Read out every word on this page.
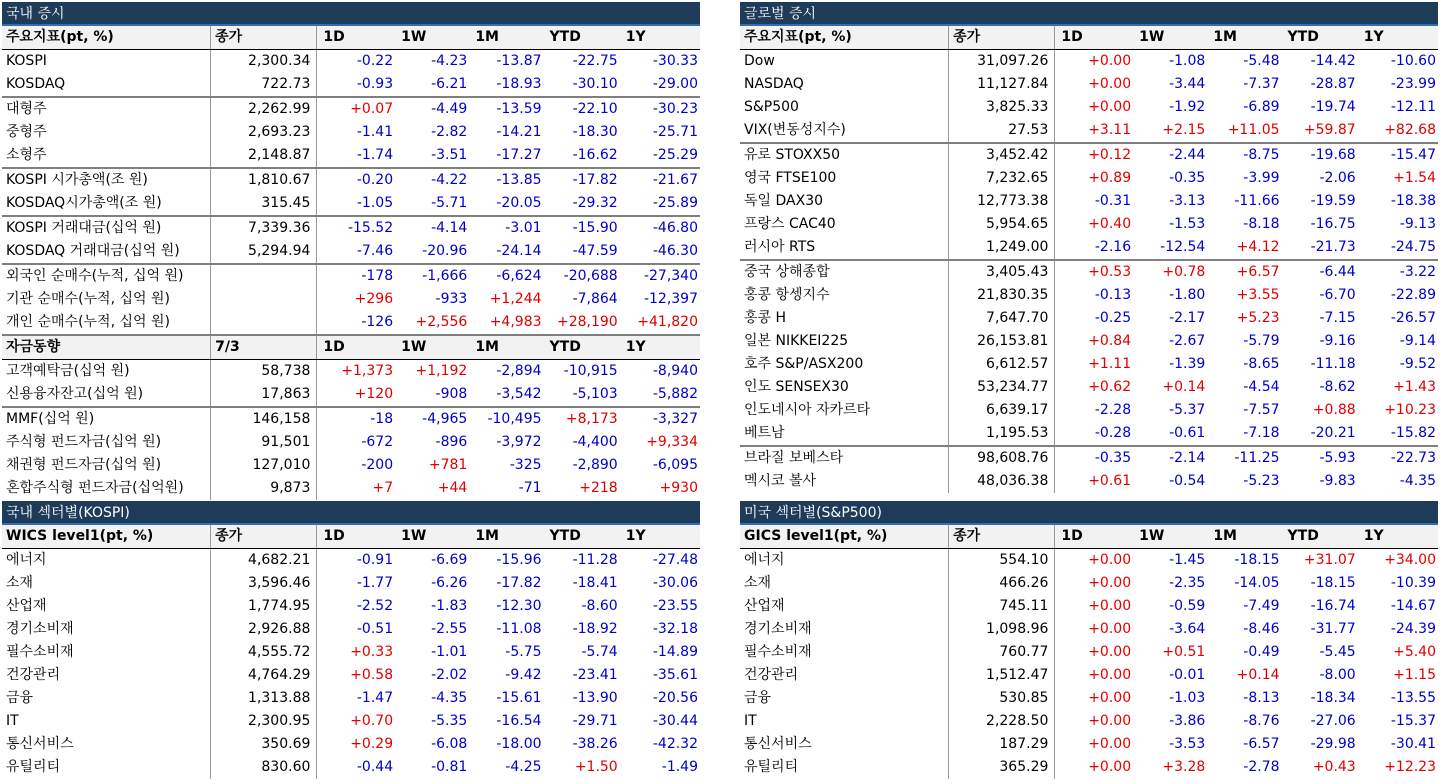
국내 증시
주요지표(pt, %)	종가	1D	1W	1M	YTD	1Y
KOSPI	2,300.34	-0.22	-4.23	-13.87	-22.75	-30.33
KOSDAQ	722.73	-0.93	-6.21	-18.93	-30.10	-29.00
대형주	2,262.99	+0.07	-4.49	-13.59	-22.10	-30.23
중형주	2,693.23	-1.41	-2.82	-14.21	-18.30	-25.71
소형주	2,148.87	-1.74	-3.51	-17.27	-16.62	-25.29
KOSPI 시가총액(조 원)	1,810.67	-0.20	-4.22	-13.85	-17.82	-21.67
KOSDAQ시가총액(조 원)	315.45	-1.05	-5.71	-20.05	-29.32	-25.89
KOSPI 거래대금(십억 원)	7,339.36	-15.52	-4.14	-3.01	-15.90	-46.80
KOSDAQ 거래대금(십억 원)	5,294.94	-7.46	-20.96	-24.14	-47.59	-46.30
외국인 순매수(누적, 십억 원)		-178	-1,666	-6,624	-20,688	-27,340
기관 순매수(누적, 십억 원)		+296	-933	+1,244	-7,864	-12,397
개인 순매수(누적, 십억 원)		-126	+2,556	+4,983	+28,190	+41,820
자금동향	7/3	1D	1W	1M	YTD	1Y
고객예탁금(십억 원)	58,738	+1,373	+1,192	-2,894	-10,915	-8,940
신용융자잔고(십억 원)	17,863	+120	-908	-3,542	-5,103	-5,882
MMF(십억 원)	146,158	-18	-4,965	-10,495	+8,173	-3,327
주식형 펀드자금(십억 원)	91,501	-672	-896	-3,972	-4,400	+9,334
채권형 펀드자금(십억 원)	127,010	-200	+781	-325	-2,890	-6,095
혼합주식형 펀드자금(십억원)	9,873	+7	+44	-71	+218	+930
글로벌 증시
주요지표(pt, %)	종가	1D	1W	1M	YTD	1Y
Dow	31,097.26	+0.00	-1.08	-5.48	-14.42	-10.60
NASDAQ	11,127.84	+0.00	-3.44	-7.37	-28.87	-23.99
S&P500	3,825.33	+0.00	-1.92	-6.89	-19.74	-12.11
VIX(변동성지수)	27.53	+3.11	+2.15	+11.05	+59.87	+82.68
유로 STOXX50	3,452.42	+0.12	-2.44	-8.75	-19.68	-15.47
영국 FTSE100	7,232.65	+0.89	-0.35	-3.99	-2.06	+1.54
독일 DAX30	12,773.38	-0.31	-3.13	-11.66	-19.59	-18.38
프랑스 CAC40	5,954.65	+0.40	-1.53	-8.18	-16.75	-9.13
러시아 RTS	1,249.00	-2.16	-12.54	+4.12	-21.73	-24.75
중국 상해종합	3,405.43	+0.53	+0.78	+6.57	-6.44	-3.22
홍콩 항셍지수	21,830.35	-0.13	-1.80	+3.55	-6.70	-22.89
홍콩 H	7,647.70	-0.25	-2.17	+5.23	-7.15	-26.57
일본 NIKKEI225	26,153.81	+0.84	-2.67	-5.79	-9.16	-9.14
호주 S&P/ASX200	6,612.57	+1.11	-1.39	-8.65	-11.18	-9.52
인도 SENSEX30	53,234.77	+0.62	+0.14	-4.54	-8.62	+1.43
인도네시아 자카르타	6,639.17	-2.28	-5.37	-7.57	+0.88	+10.23
베트남	1,195.53	-0.28	-0.61	-7.18	-20.21	-15.82
브라질 보베스타	98,608.76	-0.35	-2.14	-11.25	-5.93	-22.73
멕시코 볼사	48,036.38	+0.61	-0.54	-5.23	-9.83	-4.35
국내 섹터별(KOSPI)
WICS level1(pt, %)	종가	1D	1W	1M	YTD	1Y
에너지	4,682.21	-0.91	-6.69	-15.96	-11.28	-27.48
소재	3,596.46	-1.77	-6.26	-17.82	-18.41	-30.06
산업재	1,774.95	-2.52	-1.83	-12.30	-8.60	-23.55
경기소비재	2,926.88	-0.51	-2.55	-11.08	-18.92	-32.18
필수소비재	4,555.72	+0.33	-1.01	-5.75	-5.74	-14.89
건강관리	4,764.29	+0.58	-2.02	-9.42	-23.41	-35.61
금융	1,313.88	-1.47	-4.35	-15.61	-13.90	-20.56
IT	2,300.95	+0.70	-5.35	-16.54	-29.71	-30.44
통신서비스	350.69	+0.29	-6.08	-18.00	-38.26	-42.32
유틸리티	830.60	-0.44	-0.81	-4.25	+1.50	-1.49
미국 섹터별(S&P500)
GICS level1(pt, %)	종가	1D	1W	1M	YTD	1Y
에너지	554.10	+0.00	-1.45	-18.15	+31.07	+34.00
소재	466.26	+0.00	-2.35	-14.05	-18.15	-10.39
산업재	745.11	+0.00	-0.59	-7.49	-16.74	-14.67
경기소비재	1,098.96	+0.00	-3.64	-8.46	-31.77	-24.39
필수소비재	760.77	+0.00	+0.51	-0.49	-5.45	+5.40
건강관리	1,512.47	+0.00	-0.01	+0.14	-8.00	+1.15
금융	530.85	+0.00	-1.03	-8.13	-18.34	-13.55
IT	2,228.50	+0.00	-3.86	-8.76	-27.06	-15.37
통신서비스	187.29	+0.00	-3.53	-6.57	-29.98	-30.41
유틸리티	365.29	+0.00	+3.28	-2.78	+0.43	+12.23
